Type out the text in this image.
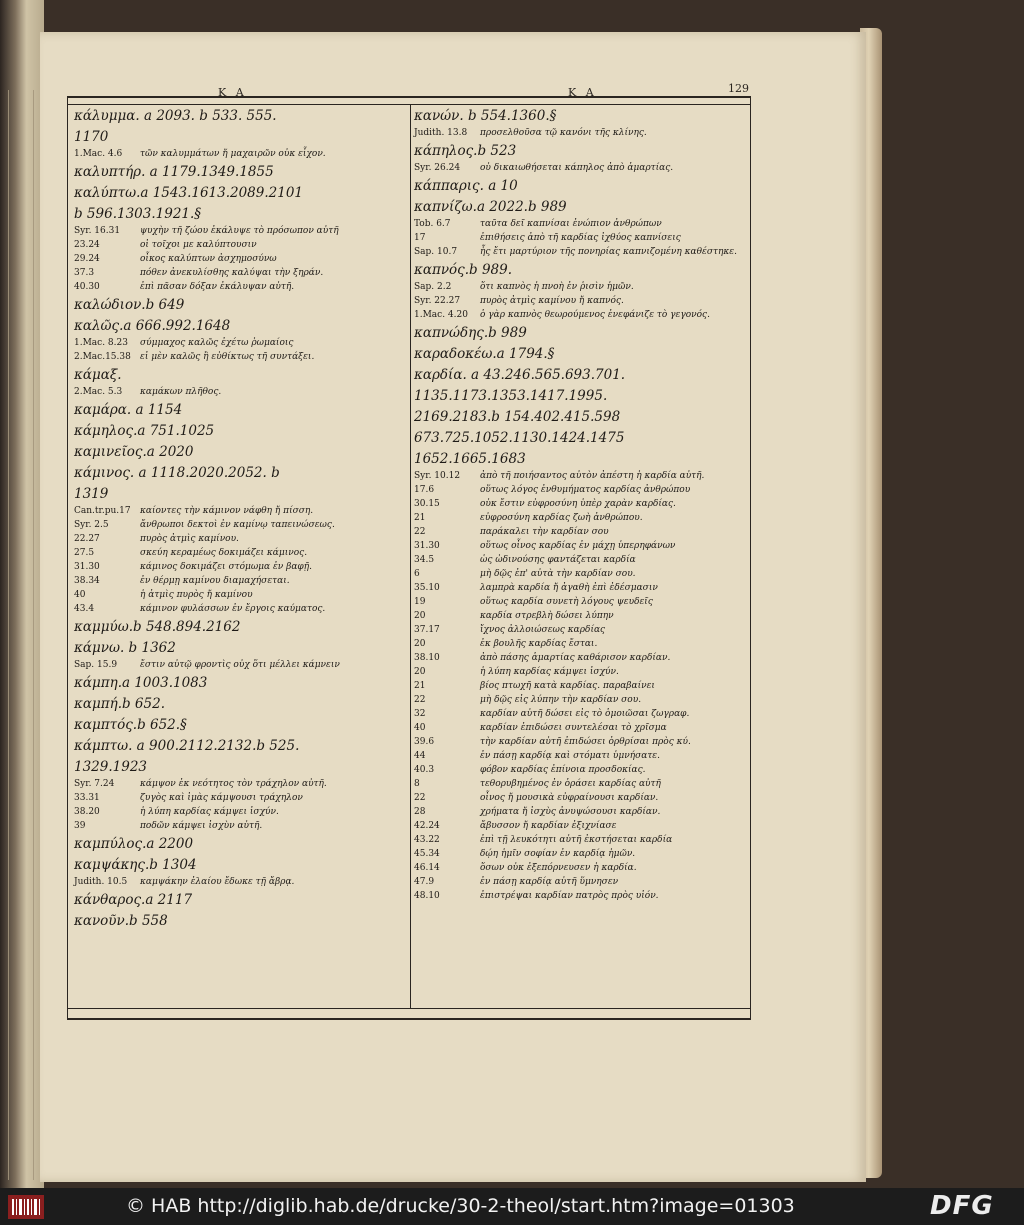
Κ Α	Κ Α	129
κάλυμμα. a 2093. b 533. 555.
1170
1.Mac. 4.6	τῶν καλυμμάτων ἤ μαχαιρῶν οὐκ εἶχον.
καλυπτήρ. a 1179.1349.1855
καλύπτω.a 1543.1613.2089.2101
b 596.1303.1921.§
Syr. 16.31	ψυχὴν τῆ ζώου ἐκάλυψε τὸ πρόσωπον αὐτῆ
23.24	οἱ τοῖχοι με καλύπτουσιν
29.24	οἶκος καλύπτων ἀσχημοσύνω
37.3	πόθεν ἀνεκυλίσθης καλύψαι τὴν ξηράν.
40.30	ἐπὶ πᾶσαν δόξαν ἐκάλυψαν αὐτῆ.
καλώδιον.b 649
καλῶς.a 666.992.1648
1.Mac. 8.23	σύμμαχος καλῶς ἐχέτω ῥωμαίοις
2.Mac.15.38	εἰ μὲν καλῶς ἢ εὐθίκτως τῆ συντάξει.
κάμαξ.
2.Mac. 5.3	καμάκων πλῆθος.
καμάρα. a 1154
κάμηλος.a 751.1025
καμινεῖος.a 2020
κάμινος. a 1118.2020.2052. b
1319
Can.tr.pu.17	καίοντες τὴν κάμινον νάφθη ἤ πίσση.
Syr. 2.5	ἄνθρωποι δεκτοὶ ἐν καμίνῳ ταπεινώσεως.
22.27	πυρὸς ἀτμὶς καμίνου.
27.5	σκεύη κεραμέως δοκιμάζει κάμινος.
31.30	κάμινος δοκιμάζει στόμωμα ἐν βαφῇ.
38.34	ἐν θέρμῃ καμίνου διαμαχήσεται.
40	ἡ ἀτμὶς πυρὸς ἤ καμίνου
43.4	κάμινον φυλάσσων ἐν ἔργοις καύματος.
καμμύω.b 548.894.2162
κάμνω. b 1362
Sap. 15.9	ἔστιν αὐτῷ φροντὶς οὐχ ὅτι μέλλει κάμνειν
κάμπη.a 1003.1083
καμπή.b 652.
καμπτός.b 652.§
κάμπτω. a 900.2112.2132.b 525.
1329.1923
Syr. 7.24	κάμψον ἐκ νεότητος τὸν τράχηλον αὐτῆ.
33.31	ζυγὸς καὶ ἱμὰς κάμψουσι τράχηλον
38.20	ἡ λύπη καρδίας κάμψει ἰσχύν.
39	ποδῶν κάμψει ἰσχὺν αὐτῆ.
καμπύλος.a 2200
καμψάκης.b 1304
Judith. 10.5	καμψάκην ἐλαίου ἔδωκε τῇ ἄβρᾳ.
κάνθαρος.a 2117
κανοῦν.b 558
κανών. b 554.1360.§
Judith. 13.8	προσελθοῦσα τῷ κανόνι τῆς κλίνης.
κάπηλος.b 523
Syr. 26.24	οὐ δικαιωθήσεται κάπηλος ἀπὸ ἁμαρτίας.
κάππαρις. a 10
καπνίζω.a 2022.b 989
Tob. 6.7	ταῦτα δεῖ καπνίσαι ἐνώπιον ἀνθρώπων
17	ἐπιθήσεις ἀπὸ τῆ καρδίας ἰχθύος καπνίσεις
Sap. 10.7	ἧς ἔτι μαρτύριον τῆς πονηρίας καπνιζομένη καθέστηκε.
καπνός.b 989.
Sap. 2.2	ὅτι καπνὸς ἡ πνοὴ ἐν ῥισὶν ἡμῶν.
Syr. 22.27	πυρὸς ἀτμὶς καμίνου ἤ καπνός.
1.Mac. 4.20	ὁ γὰρ καπνὸς θεωρούμενος ἐνεφάνιζε τὸ γεγονός.
καπνώδης.b 989
καραδοκέω.a 1794.§
καρδία. a 43.246.565.693.701.
1135.1173.1353.1417.1995.
2169.2183.b 154.402.415.598
673.725.1052.1130.1424.1475
1652.1665.1683
Syr. 10.12	ἀπὸ τῆ ποιήσαντος αὐτὸν ἀπέστη ἡ καρδία αὐτῆ.
17.6	οὕτως λόγος ἐνθυμήματος καρδίας ἀνθρώπου
30.15	οὐκ ἔστιν εὐφροσύνη ὑπὲρ χαρὰν καρδίας.
21	εὐφροσύνη καρδίας ζωὴ ἀνθρώπου.
22	παράκαλει τὴν καρδίαν σου
31.30	οὕτως οἶνος καρδίας ἐν μάχῃ ὑπερηφάνων
34.5	ὡς ὠδινούσης φαντάζεται καρδία
6	μὴ δῷς ἐπ' αὐτὰ τὴν καρδίαν σου.
35.10	λαμπρὰ καρδία ἤ ἀγαθὴ ἐπὶ ἐδέσμασιν
19	οὕτως καρδία συνετὴ λόγους ψευδεῖς
20	καρδία στρεβλὴ δώσει λύπην
37.17	ἴχνος ἀλλοιώσεως καρδίας
20	ἐκ βουλῆς καρδίας ἔσται.
38.10	ἀπὸ πάσης ἁμαρτίας καθάρισον καρδίαν.
20	ἡ λύπη καρδίας κάμψει ἰσχύν.
21	βίος πτωχῆ κατὰ καρδίας. παραβαίνει
22	μὴ δῷς εἰς λύπην τὴν καρδίαν σου.
32	καρδίαν αὐτῆ δώσει εἰς τὸ ὁμοιῶσαι ζωγραφ.
40	καρδίαν ἐπιδώσει συντελέσαι τὸ χρῖσμα
39.6	τὴν καρδίαν αὐτῆ ἐπιδώσει ὀρθρίσαι πρὸς κύ.
44	ἐν πάσῃ καρδίᾳ καὶ στόματι ὑμνήσατε.
40.3	φόβον καρδίας ἐπίνοια προσδοκίας.
8	τεθορυβημένος ἐν ὁράσει καρδίας αὐτῆ
22	οἶνος ἤ μουσικὰ εὐφραίνουσι καρδίαν.
28	χρήματα ἤ ἰσχὺς ἀνυψώσουσι καρδίαν.
42.24	ἄβυσσον ἤ καρδίαν ἐξιχνίασε
43.22	ἐπὶ τῇ λευκότητι αὐτῆ ἐκστήσεται καρδία
45.34	δῴη ἡμῖν σοφίαν ἐν καρδίᾳ ἡμῶν.
46.14	ὅσων οὐκ ἐξεπόρνευσεν ἡ καρδία.
47.9	ἐν πάσῃ καρδίᾳ αὐτῆ ὕμνησεν
48.10	ἐπιστρέψαι καρδίαν πατρὸς πρὸς υἱόν.
© HAB http://diglib.hab.de/drucke/30-2-theol/start.htm?image=01303	DFG
